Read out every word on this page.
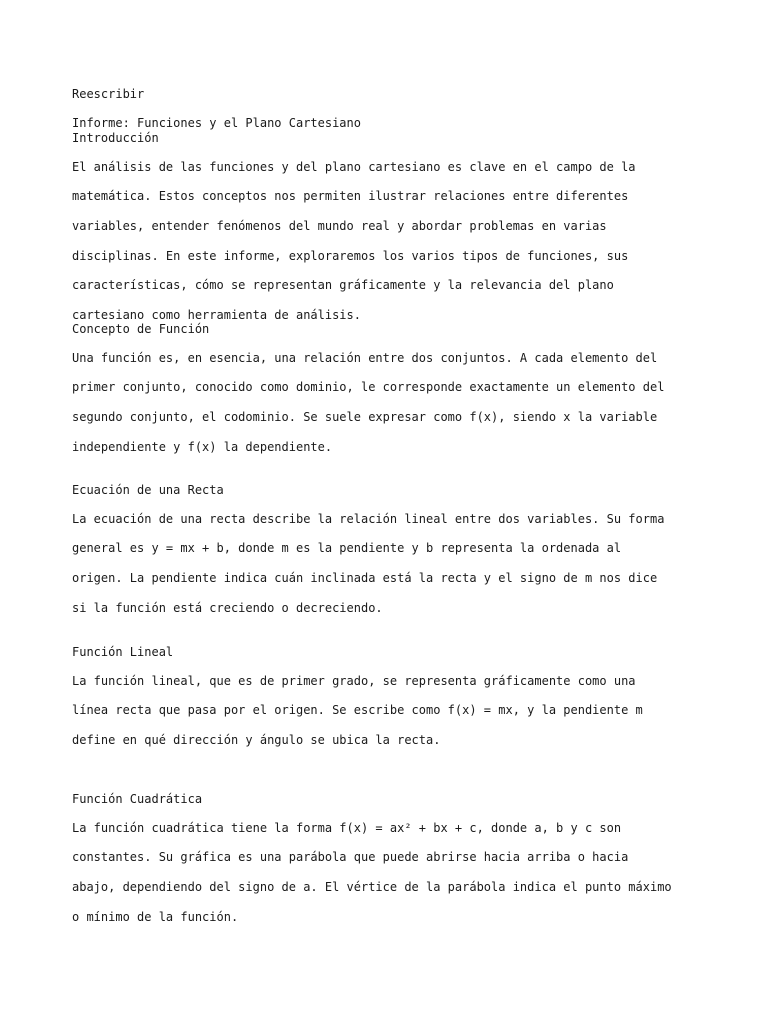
Reescribir

Informe: Funciones y el Plano Cartesiano

Introducción

El análisis de las funciones y del plano cartesiano es clave en el campo de la

matemática. Estos conceptos nos permiten ilustrar relaciones entre diferentes

variables, entender fenómenos del mundo real y abordar problemas en varias

disciplinas. En este informe, exploraremos los varios tipos de funciones, sus

características, cómo se representan gráficamente y la relevancia del plano

cartesiano como herramienta de análisis.

Concepto de Función

Una función es, en esencia, una relación entre dos conjuntos. A cada elemento del

primer conjunto, conocido como dominio, le corresponde exactamente un elemento del

segundo conjunto, el codominio. Se suele expresar como f(x), siendo x la variable

independiente y f(x) la dependiente.

Ecuación de una Recta

La ecuación de una recta describe la relación lineal entre dos variables. Su forma

general es y = mx + b, donde m es la pendiente y b representa la ordenada al

origen. La pendiente indica cuán inclinada está la recta y el signo de m nos dice

si la función está creciendo o decreciendo.

Función Lineal

La función lineal, que es de primer grado, se representa gráficamente como una

línea recta que pasa por el origen. Se escribe como f(x) = mx, y la pendiente m

define en qué dirección y ángulo se ubica la recta.

Función Cuadrática

La función cuadrática tiene la forma f(x) = ax² + bx + c, donde a, b y c son

constantes. Su gráfica es una parábola que puede abrirse hacia arriba o hacia

abajo, dependiendo del signo de a. El vértice de la parábola indica el punto máximo

o mínimo de la función.
